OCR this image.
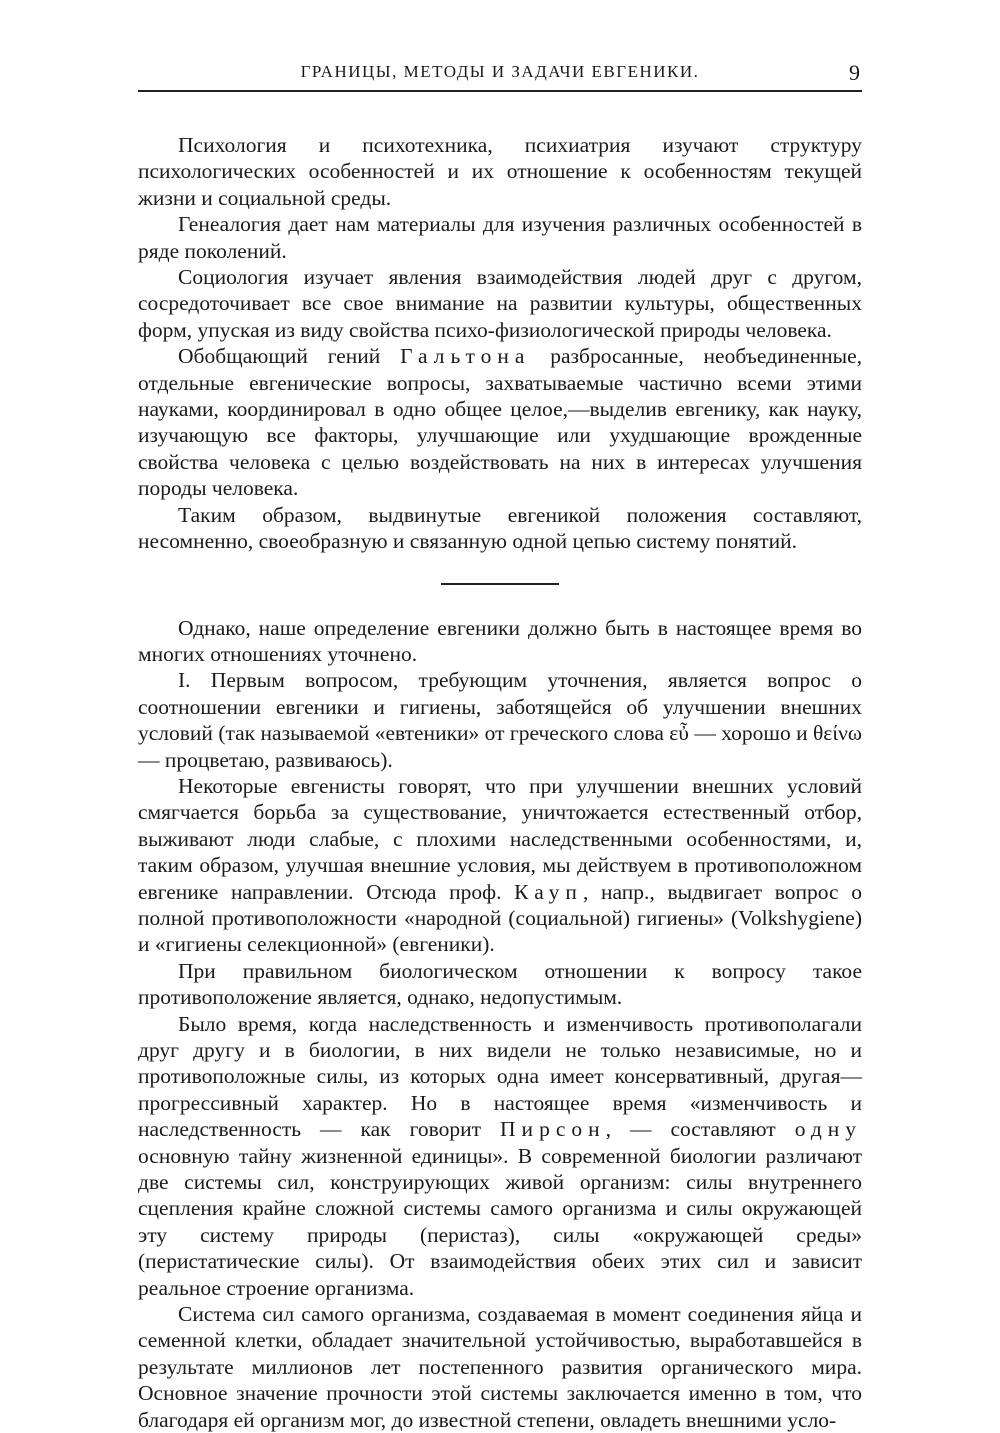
ГРАНИЦЫ, МЕТОДЫ И ЗАДАЧИ ЕВГЕНИКИ.	9

Психология и психотехника, психиатрия изучают структуру психологических особенностей и их отношение к особенностям текущей жизни и социальной среды.

Генеалогия дает нам материалы для изучения различных особенностей в ряде поколений.

Социология изучает явления взаимодействия людей друг с другом, сосредоточивает все свое внимание на развитии культуры, общественных форм, упуская из виду свойства психо-физиологической природы человека.

Обобщающий гений Гальтона разбросанные, необъединенные, отдельные евгенические вопросы, захватываемые частично всеми этими науками, координировал в одно общее целое,—выделив евгенику, как науку, изучающую все факторы, улучшающие или ухудшающие врожденные свойства человека с целью воздействовать на них в интересах улучшения породы человека.

Таким образом, выдвинутые евгеникой положения составляют, несомненно, своеобразную и связанную одной цепью систему понятий.

Однако, наше определение евгеники должно быть в настоящее время во многих отношениях уточнено.

I. Первым вопросом, требующим уточнения, является вопрос о соотношении евгеники и гигиены, заботящейся об улучшении внешних условий (так называемой «евтеники» от греческого слова εὖ — хорошо и θείνω — процветаю, развиваюсь).

Некоторые евгенисты говорят, что при улучшении внешних условий смягчается борьба за существование, уничтожается естественный отбор, выживают люди слабые, с плохими наследственными особенностями, и, таким образом, улучшая внешние условия, мы действуем в противоположном евгенике направлении. Отсюда проф. Кауп, напр., выдвигает вопрос о полной противоположности «народной (социальной) гигиены» (Volkshygiene) и «гигиены селекционной» (евгеники).

При правильном биологическом отношении к вопросу такое противоположение является, однако, недопустимым.

Было время, когда наследственность и изменчивость противополагали друг другу и в биологии, в них видели не только независимые, но и противоположные силы, из которых одна имеет консервативный, другая—прогрессивный характер. Но в настоящее время «изменчивость и наследственность — как говорит Пирсон, — составляют одну основную тайну жизненной единицы». В современной биологии различают две системы сил, конструирующих живой организм: силы внутреннего сцепления крайне сложной системы самого организма и силы окружающей эту систему природы (перистаз), силы «окружающей среды» (перистатические силы). От взаимодействия обеих этих сил и зависит реальное строение организма.

Система сил самого организма, создаваемая в момент соединения яйца и семенной клетки, обладает значительной устойчивостью, выработавшейся в результате миллионов лет постепенного развития органического мира. Основное значение прочности этой системы заключается именно в том, что благодаря ей организм мог, до известной степени, овладеть внешними усло-
